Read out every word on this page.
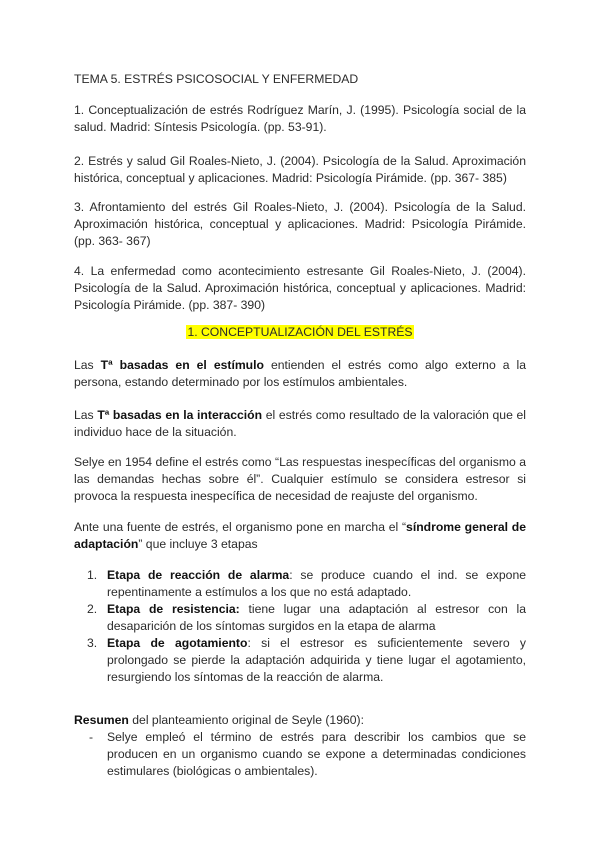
TEMA 5. ESTRÉS PSICOSOCIAL Y ENFERMEDAD

1. Conceptualización de estrés Rodríguez Marín, J. (1995). Psicología social de la salud. Madrid: Síntesis Psicología. (pp. 53-91).

2. Estrés y salud Gil Roales-Nieto, J. (2004). Psicología de la Salud. Aproximación histórica, conceptual y aplicaciones. Madrid: Psicología Pirámide. (pp. 367- 385)

3. Afrontamiento del estrés Gil Roales-Nieto, J. (2004). Psicología de la Salud. Aproximación histórica, conceptual y aplicaciones. Madrid: Psicología Pirámide. (pp. 363- 367)

4. La enfermedad como acontecimiento estresante Gil Roales-Nieto, J. (2004). Psicología de la Salud. Aproximación histórica, conceptual y aplicaciones. Madrid: Psicología Pirámide. (pp. 387- 390)

1. CONCEPTUALIZACIÓN DEL ESTRÉS

Las Tª basadas en el estímulo entienden el estrés como algo externo a la persona, estando determinado por los estímulos ambientales.

Las Tª basadas en la interacción el estrés como resultado de la valoración que el individuo hace de la situación.

Selye en 1954 define el estrés como “Las respuestas inespecíficas del organismo a las demandas hechas sobre él”. Cualquier estímulo se considera estresor si provoca la respuesta inespecífica de necesidad de reajuste del organismo.

Ante una fuente de estrés, el organismo pone en marcha el “síndrome general de adaptación” que incluye 3 etapas

1. Etapa de reacción de alarma: se produce cuando el ind. se expone repentinamente a estímulos a los que no está adaptado.
2. Etapa de resistencia: tiene lugar una adaptación al estresor con la desaparición de los síntomas surgidos en la etapa de alarma
3. Etapa de agotamiento: si el estresor es suficientemente severo y prolongado se pierde la adaptación adquirida y tiene lugar el agotamiento, resurgiendo los síntomas de la reacción de alarma.

Resumen del planteamiento original de Seyle (1960):

- Selye empleó el término de estrés para describir los cambios que se producen en un organismo cuando se expone a determinadas condiciones estimulares (biológicas o ambientales).
